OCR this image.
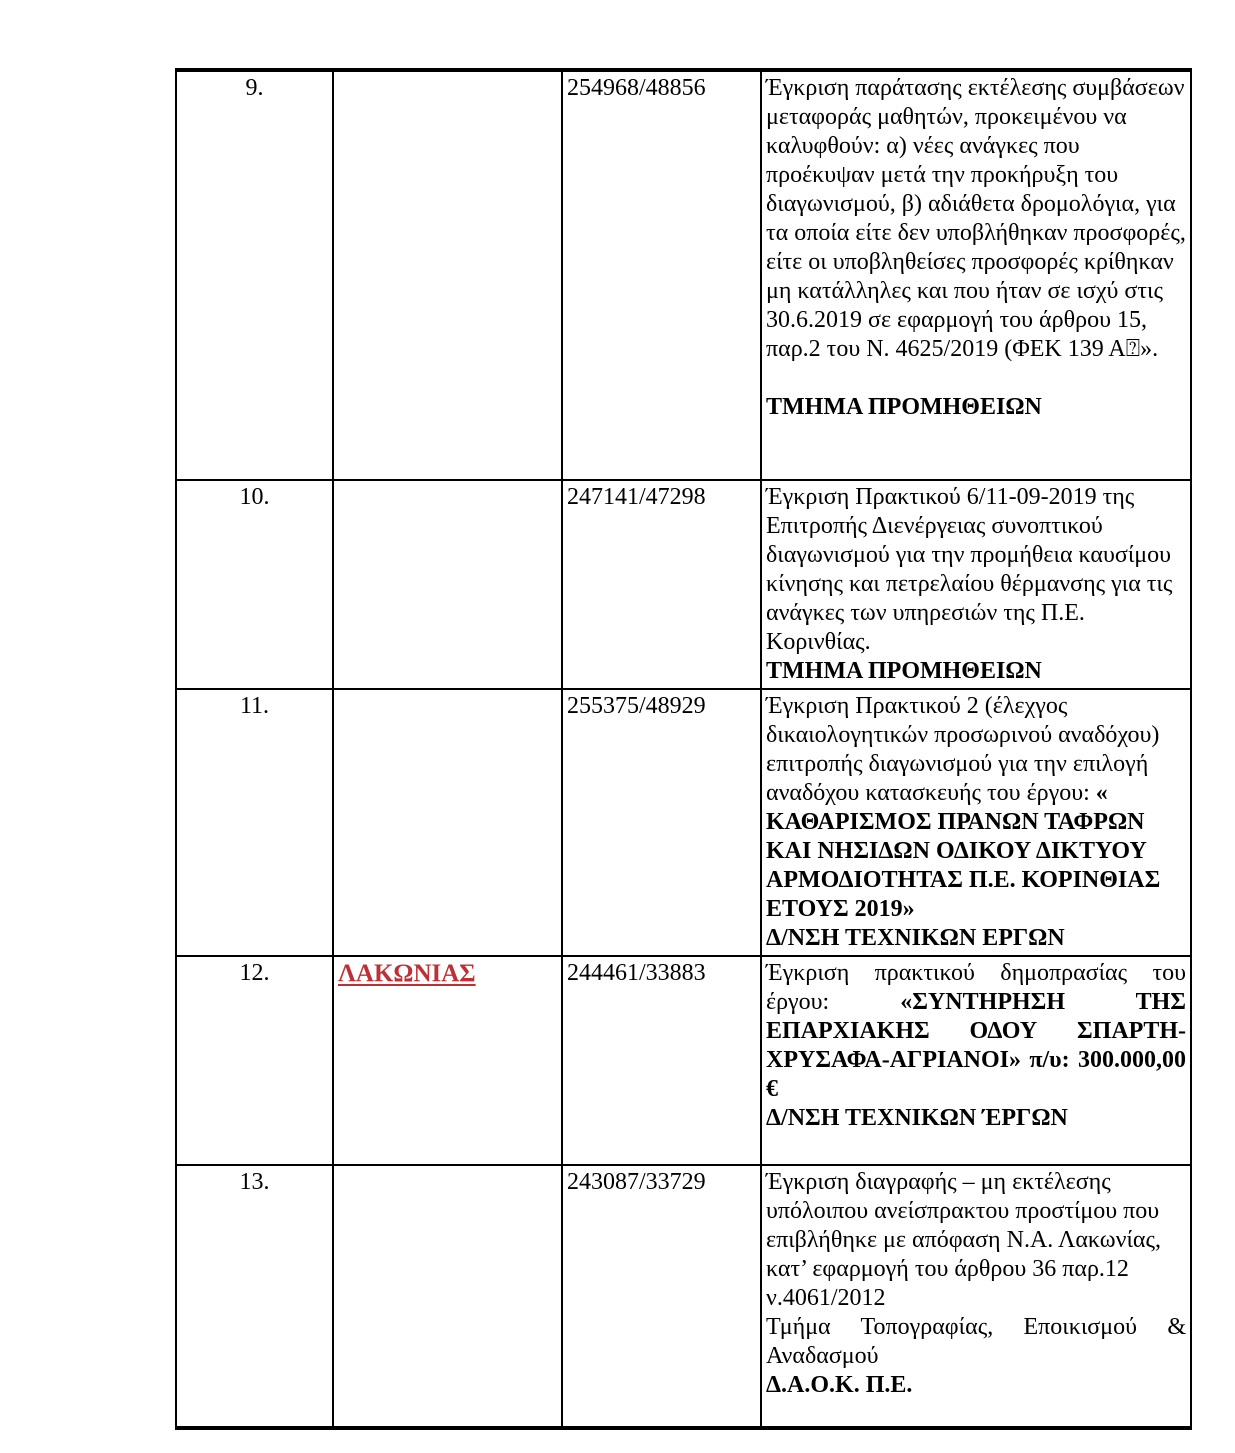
9.		254968/48856	Έγκριση παράτασης εκτέλεσης συμβάσεων μεταφοράς μαθητών, προκειμένου να καλυφθούν: α) νέες ανάγκες που προέκυψαν μετά την προκήρυξη του διαγωνισμού, β) αδιάθετα δρομολόγια, για τα οποία είτε δεν υποβλήθηκαν προσφορές, είτε οι υποβληθείσες προσφορές κρίθηκαν μη κατάλληλες και που ήταν σε ισχύ στις 30.6.2019 σε εφαρμογή του άρθρου 15, παρ.2 του Ν. 4625/2019 (ΦΕΚ 139 Α⍰».

ΤΜΗΜΑ ΠΡΟΜΗΘΕΙΩΝ

10.		247141/47298	Έγκριση Πρακτικού 6/11-09-2019 της Επιτροπής Διενέργειας συνοπτικού διαγωνισμού για την προμήθεια καυσίμου κίνησης και πετρελαίου θέρμανσης για τις ανάγκες των υπηρεσιών της Π.Ε. Κορινθίας.

ΤΜΗΜΑ ΠΡΟΜΗΘΕΙΩΝ

11.		255375/48929	Έγκριση Πρακτικού 2 (έλεχγος δικαιολογητικών προσωρινού αναδόχου) επιτροπής διαγωνισμού για την επιλογή αναδόχου κατασκευής του έργου: « ΚΑΘΑΡΙΣΜΟΣ ΠΡΑΝΩΝ ΤΑΦΡΩΝ ΚΑΙ ΝΗΣΙΔΩΝ ΟΔΙΚΟΥ ΔΙΚΤΥΟΥ ΑΡΜΟΔΙΟΤΗΤΑΣ Π.Ε. ΚΟΡΙΝΘΙΑΣ ΕΤΟΥΣ 2019»

Δ/ΝΣΗ ΤΕΧΝΙΚΩΝ ΕΡΓΩΝ

12.	ΛΑΚΩΝΙΑΣ	244461/33883	Έγκριση πρακτικού δημοπρασίας του έργου: «ΣΥΝΤΗΡΗΣΗ ΤΗΣ ΕΠΑΡΧΙΑΚΗΣ ΟΔΟΥ ΣΠΑΡΤΗ-ΧΡΥΣΑΦΑ-ΑΓΡΙΑΝΟΙ» π/υ: 300.000,00 €

Δ/ΝΣΗ ΤΕΧΝΙΚΩΝ ΈΡΓΩΝ

13.		243087/33729	Έγκριση διαγραφής – μη εκτέλεσης υπόλοιπου ανείσπρακτου προστίμου που επιβλήθηκε με απόφαση Ν.Α. Λακωνίας, κατ’ εφαρμογή του άρθρου 36 παρ.12 ν.4061/2012

Τμήμα Τοπογραφίας, Εποικισμού & Αναδασμού

Δ.Α.Ο.Κ. Π.Ε.
